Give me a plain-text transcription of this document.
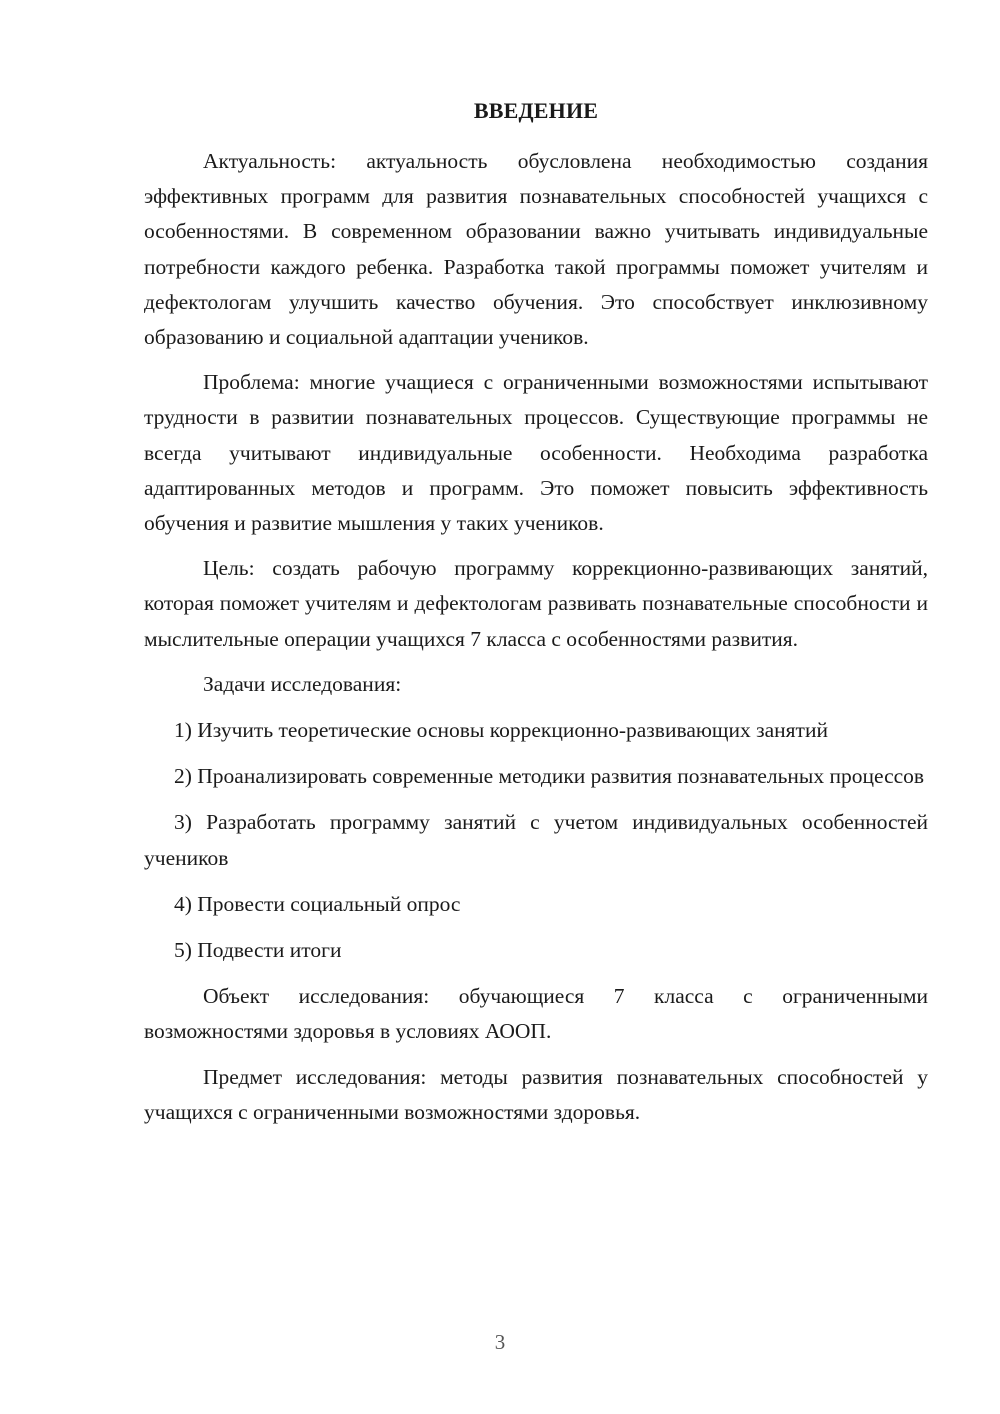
ВВЕДЕНИЕ

Актуальность: актуальность обусловлена необходимостью создания эффективных программ для развития познавательных способностей учащихся с особенностями. В современном образовании важно учитывать индивидуальные потребности каждого ребенка. Разработка такой программы поможет учителям и дефектологам улучшить качество обучения. Это способствует инклюзивному образованию и социальной адаптации учеников.

Проблема: многие учащиеся с ограниченными возможностями испытывают трудности в развитии познавательных процессов. Существующие программы не всегда учитывают индивидуальные особенности. Необходима разработка адаптированных методов и программ. Это поможет повысить эффективность обучения и развитие мышления у таких учеников.

Цель: создать рабочую программу коррекционно-развивающих занятий, которая поможет учителям и дефектологам развивать познавательные способности и мыслительные операции учащихся 7 класса с особенностями развития.

Задачи исследования:

1) Изучить теоретические основы коррекционно-развивающих занятий

2) Проанализировать современные методики развития познавательных процессов

3) Разработать программу занятий с учетом индивидуальных особенностей учеников

4) Провести социальный опрос

5) Подвести итоги

Объект исследования: обучающиеся 7 класса с ограниченными возможностями здоровья в условиях АООП.

Предмет исследования: методы развития познавательных способностей у учащихся с ограниченными возможностями здоровья.

3
